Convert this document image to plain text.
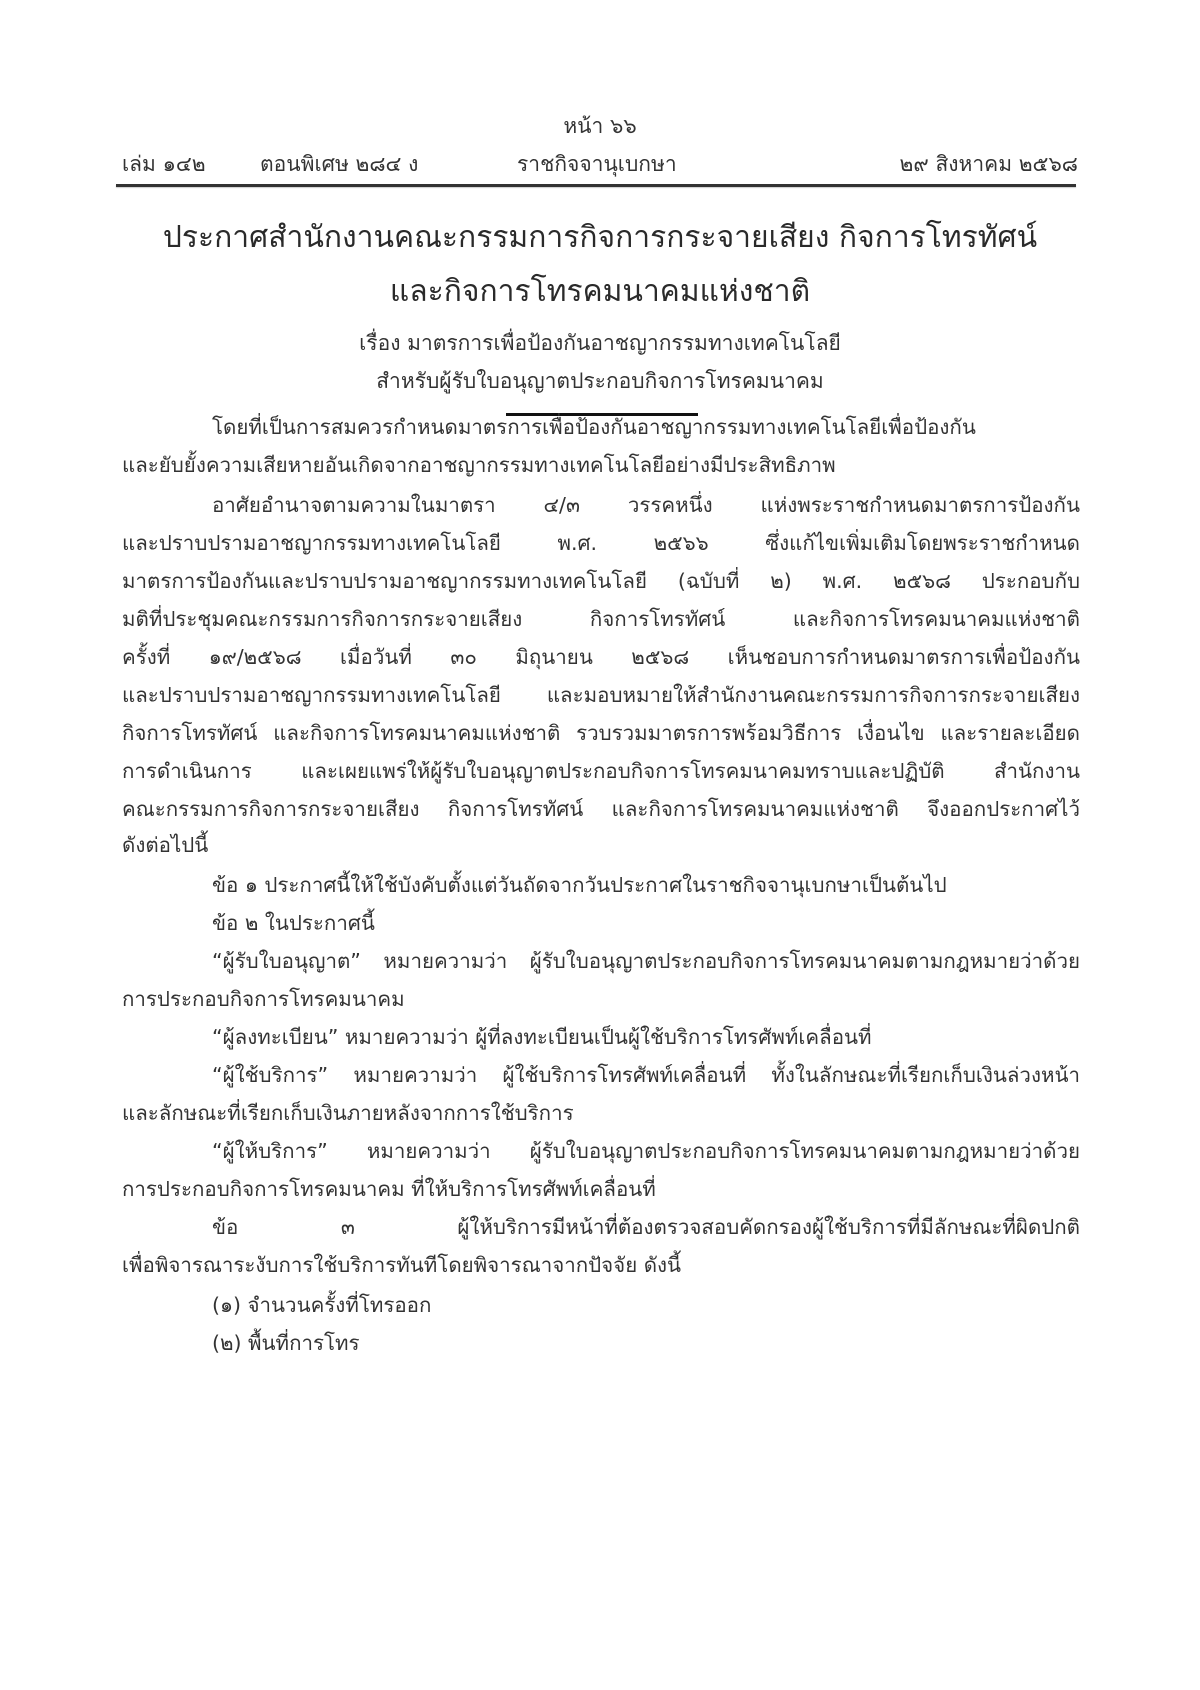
หน้า ๖๖
เล่ม ๑๔๒	ตอนพิเศษ ๒๘๔ ง	ราชกิจจานุเบกษา	๒๙ สิงหาคม ๒๕๖๘
ประกาศสำนักงานคณะกรรมการกิจการกระจายเสียง กิจการโทรทัศน์
และกิจการโทรคมนาคมแห่งชาติ
เรื่อง มาตรการเพื่อป้องกันอาชญากรรมทางเทคโนโลยี
สำหรับผู้รับใบอนุญาตประกอบกิจการโทรคมนาคม
โดยที่เป็นการสมควรกำหนดมาตรการเพื่อป้องกันอาชญากรรมทางเทคโนโลยีเพื่อป้องกัน
และยับยั้งความเสียหายอันเกิดจากอาชญากรรมทางเทคโนโลยีอย่างมีประสิทธิภาพ
อาศัยอำนาจตามความในมาตรา ๔/๓ วรรคหนึ่ง แห่งพระราชกำหนดมาตรการป้องกัน
และปราบปรามอาชญากรรมทางเทคโนโลยี พ.ศ. ๒๕๖๖ ซึ่งแก้ไขเพิ่มเติมโดยพระราชกำหนด
มาตรการป้องกันและปราบปรามอาชญากรรมทางเทคโนโลยี (ฉบับที่ ๒) พ.ศ. ๒๕๖๘ ประกอบกับ
มติที่ประชุมคณะกรรมการกิจการกระจายเสียง กิจการโทรทัศน์ และกิจการโทรคมนาคมแห่งชาติ
ครั้งที่ ๑๙/๒๕๖๘ เมื่อวันที่ ๓๐ มิถุนายน ๒๕๖๘ เห็นชอบการกำหนดมาตรการเพื่อป้องกัน
และปราบปรามอาชญากรรมทางเทคโนโลยี และมอบหมายให้สำนักงานคณะกรรมการกิจการกระจายเสียง
กิจการโทรทัศน์ และกิจการโทรคมนาคมแห่งชาติ รวบรวมมาตรการพร้อมวิธีการ เงื่อนไข และรายละเอียด
การดำเนินการ และเผยแพร่ให้ผู้รับใบอนุญาตประกอบกิจการโทรคมนาคมทราบและปฏิบัติ สำนักงาน
คณะกรรมการกิจการกระจายเสียง กิจการโทรทัศน์ และกิจการโทรคมนาคมแห่งชาติ จึงออกประกาศไว้
ดังต่อไปนี้
ข้อ ๑ ประกาศนี้ให้ใช้บังคับตั้งแต่วันถัดจากวันประกาศในราชกิจจานุเบกษาเป็นต้นไป
ข้อ ๒ ในประกาศนี้
“ผู้รับใบอนุญาต” หมายความว่า ผู้รับใบอนุญาตประกอบกิจการโทรคมนาคมตามกฎหมายว่าด้วย
การประกอบกิจการโทรคมนาคม
“ผู้ลงทะเบียน” หมายความว่า ผู้ที่ลงทะเบียนเป็นผู้ใช้บริการโทรศัพท์เคลื่อนที่
“ผู้ใช้บริการ” หมายความว่า ผู้ใช้บริการโทรศัพท์เคลื่อนที่ ทั้งในลักษณะที่เรียกเก็บเงินล่วงหน้า
และลักษณะที่เรียกเก็บเงินภายหลังจากการใช้บริการ
“ผู้ให้บริการ” หมายความว่า ผู้รับใบอนุญาตประกอบกิจการโทรคมนาคมตามกฎหมายว่าด้วย
การประกอบกิจการโทรคมนาคม ที่ให้บริการโทรศัพท์เคลื่อนที่
ข้อ ๓ ผู้ให้บริการมีหน้าที่ต้องตรวจสอบคัดกรองผู้ใช้บริการที่มีลักษณะที่ผิดปกติ
เพื่อพิจารณาระงับการใช้บริการทันทีโดยพิจารณาจากปัจจัย ดังนี้
(๑) จำนวนครั้งที่โทรออก
(๒) พื้นที่การโทร
